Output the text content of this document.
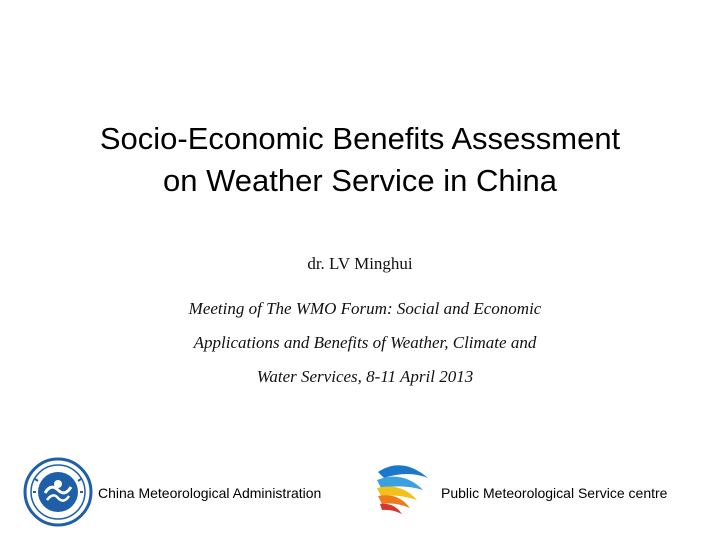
Socio-Economic Benefits Assessment
on Weather Service in China
dr. LV Minghui
Meeting of The WMO Forum: Social and Economic
Applications and Benefits of Weather, Climate and
Water Services, 8-11 April 2013
China Meteorological Administration	Public Meteorological Service centre
